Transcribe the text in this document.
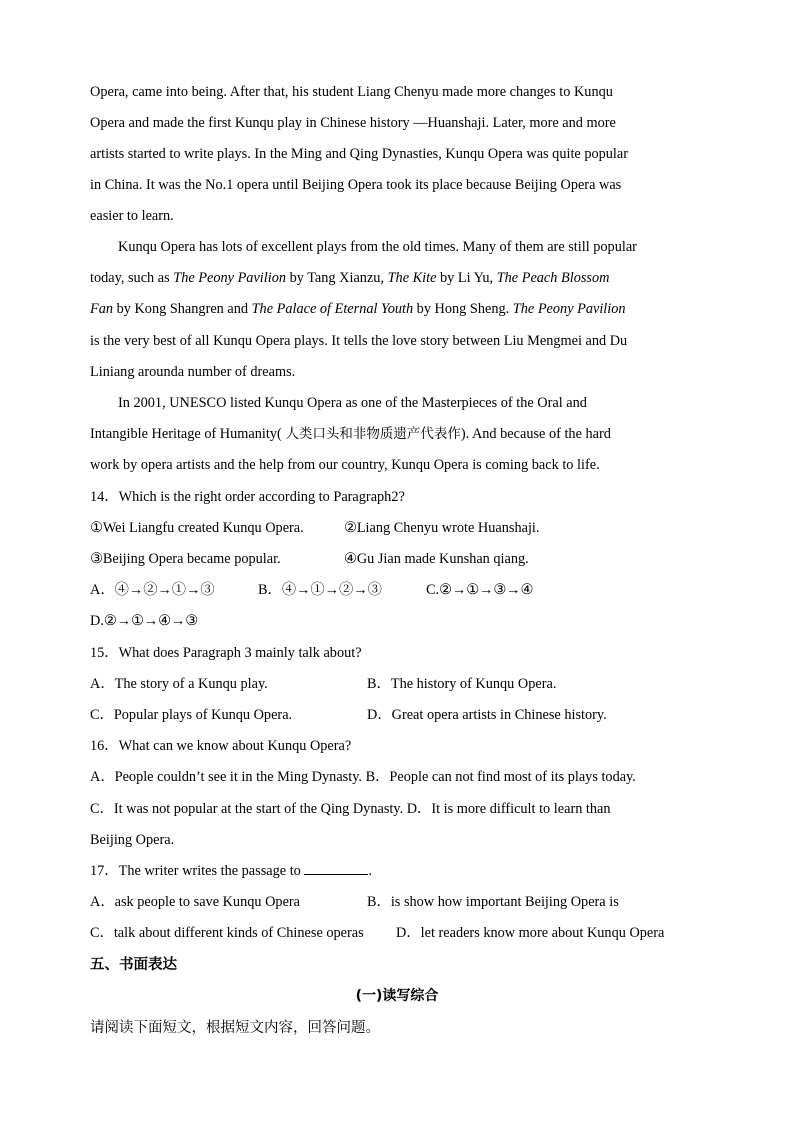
Opera, came into being. After that, his student Liang Chenyu made more changes to Kunqu
Opera and made the first Kunqu play in Chinese history —Huanshaji. Later, more and more
artists started to write plays. In the Ming and Qing Dynasties, Kunqu Opera was quite popular
in China. It was the No.1 opera until Beijing Opera took its place because Beijing Opera was
easier to learn.
Kunqu Opera has lots of excellent plays from the old times. Many of them are still popular
today, such as The Peony Pavilion by Tang Xianzu, The Kite by Li Yu, The Peach Blossom
Fan by Kong Shangren and The Palace of Eternal Youth by Hong Sheng. The Peony Pavilion
is the very best of all Kunqu Opera plays. It tells the love story between Liu Mengmei and Du
Liniang arounda number of dreams.
In 2001, UNESCO listed Kunqu Opera as one of the Masterpieces of the Oral and
Intangible Heritage of Humanity( 人类口头和非物质遗产代表作). And because of the hard
work by opera artists and the help from our country, Kunqu Opera is coming back to life.
14．Which is the right order according to Paragraph2?
①Wei Liangfu created Kunqu Opera.	②Liang Chenyu wrote Huanshaji.
③Beijing Opera became popular.	④Gu Jian made Kunshan qiang.
A．④→②→①→③	B．④→①→②→③	C.②→①→③→④
D.②→①→④→③
15．What does Paragraph 3 mainly talk about?
A．The story of a Kunqu play.	B．The history of Kunqu Opera.
C．Popular plays of Kunqu Opera.	D．Great opera artists in Chinese history.
16．What can we know about Kunqu Opera?
A．People couldn’t see it in the Ming Dynasty. B．People can not find most of its plays today.
C．It was not popular at the start of the Qing Dynasty. D．It is more difficult to learn than
Beijing Opera.
17．The writer writes the passage to	.
A．ask people to save Kunqu Opera	B．is show how important Beijing Opera is
C．talk about different kinds of Chinese operas D．let readers know more about Kunqu Opera
五、书面表达
(一)读写综合
请阅读下面短文，根据短文内容，回答问题。
